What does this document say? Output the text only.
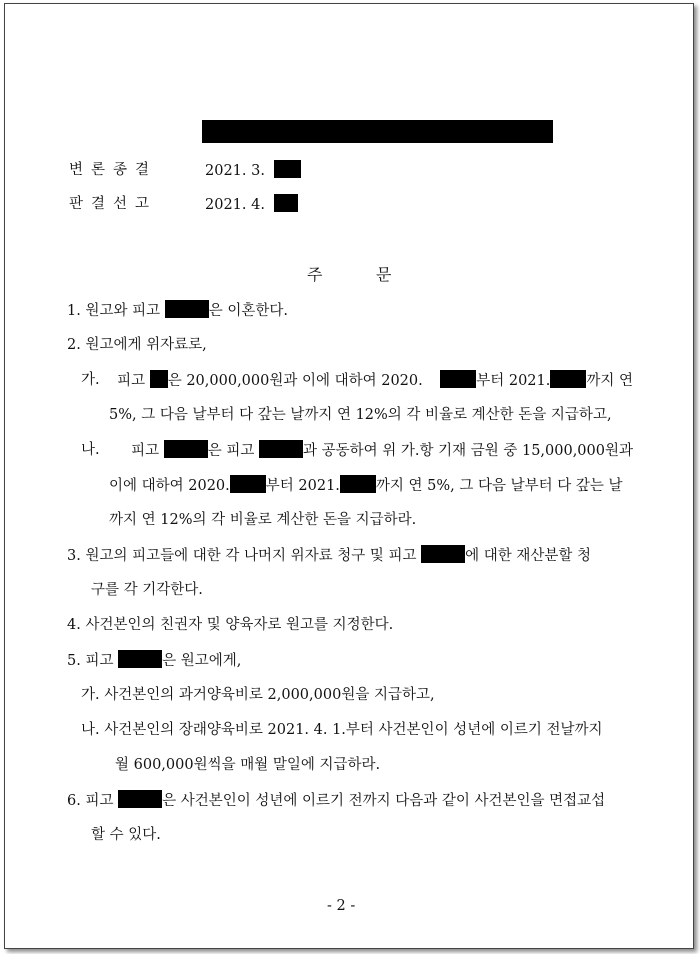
변론종결	2021. 3.
판결선고	2021. 4.
주	문
1. 원고와 피고	은 이혼한다.
2. 원고에게 위자료로,
가. 피고 은 20,000,000원과 이에 대하여 2020.	부터 2021. 까지 연
5%, 그 다음 날부터 다 갚는 날까지 연 12%의 각 비율로 계산한 돈을 지급하고,
나. 피고	은 피고	과 공동하여 위 가.항 기재 금원 중 15,000,000원과
이에 대하여 2020. 부터 2021. 까지 연 5%, 그 다음 날부터 다 갚는 날
까지 연 12%의 각 비율로 계산한 돈을 지급하라.
3. 원고의 피고들에 대한 각 나머지 위자료 청구 및 피고	에 대한 재산분할 청
구를 각 기각한다.
4. 사건본인의 친권자 및 양육자로 원고를 지정한다.
5. 피고	은 원고에게,
가. 사건본인의 과거양육비로 2,000,000원을 지급하고,
나. 사건본인의 장래양육비로 2021. 4. 1.부터 사건본인이 성년에 이르기 전날까지
월 600,000원씩을 매월 말일에 지급하라.
6. 피고	은 사건본인이 성년에 이르기 전까지 다음과 같이 사건본인을 면접교섭
할 수 있다.
- 2 -
